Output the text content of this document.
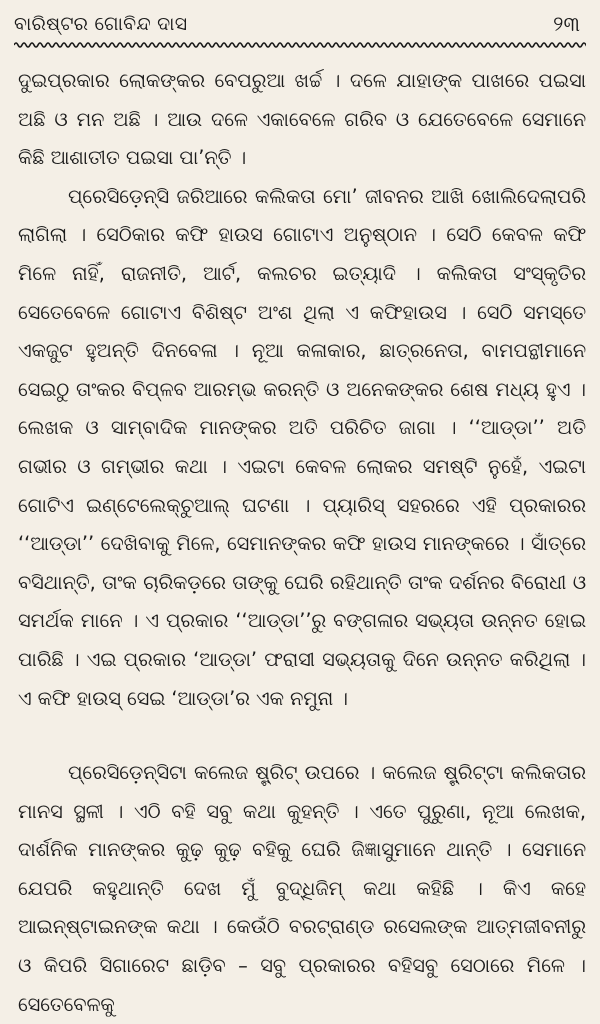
ବାରିଷ୍ଟର ଗୋବିନ୍ଦ ଦାସ	୨୩

ଦୁଇପ୍ରକାର ଲୋକଙ୍କର ବେପରୁଆ ଖର୍ଚ୍ଚ । ଦଳେ ଯାହାଙ୍କ ପାଖରେ ପଇସା ଅଛି ଓ ମନ ଅଛି । ଆଉ ଦଳେ ଏକାବେଳେ ଗରିବ ଓ ଯେତେବେଳେ ସେମାନେ କିଛି ଆଶାତୀତ ପଇସା ପା’ନ୍ତି ।

ପ୍ରେସିଡ଼େନ୍ସି ଜରିଆରେ କଲିକତା ମୋ’ ଜୀବନର ଆଖି ଖୋଲିଦେଲାପରି ଲାଗିଲା । ସେଠିକାର କଫି ହାଉସ ଗୋଟାଏ ଅନୁଷ୍ଠାନ । ସେଠି କେବଳ କଫି ମିଳେ ନାହିଁ, ରାଜନୀତି, ଆର୍ଟ, କଲଚର ଇତ୍ୟାଦି । କଲିକତା ସଂସ୍କୃତିର ସେତେବେଳେ ଗୋଟାଏ ବିଶିଷ୍ଟ ଅଂଶ ଥିଲା ଏ କଫିହାଉସ । ସେଠି ସମସ୍ତେ ଏକଜୁଟ ହୁଅନ୍ତି ଦିନବେଳା । ନୂଆ କଳାକାର, ଛାତ୍ରନେତା, ବାମପନ୍ଥୀମାନେ ସେଇଠୁ ତାଂକର ବିପ୍ଳବ ଆରମ୍ଭ କରନ୍ତି ଓ ଅନେକଙ୍କର ଶେଷ ମଧ୍ୟ ହୁଏ । ଲେଖକ ଓ ସାମ୍ବାଦିକ ମାନଙ୍କର ଅତି ପରିଚିତ ଜାଗା । ‘‘ଆଡ୍ଡା’’ ଅତି ଗଭୀର ଓ ଗମ୍ଭୀର କଥା । ଏଇଟା କେବଳ ଲୋକର ସମଷ୍ଟି ନୁହେଁ, ଏଇଟା ଗୋଟିଏ ଇଣ୍ଟେଲେକ୍ଚୁଆଲ୍ ଘଟଣା । ପ୍ୟାରିସ୍ ସହରରେ ଏହି ପ୍ରକାରର ‘‘ଆଡ୍ଡା’’ ଦେଖିବାକୁ ମିଳେ, ସେମାନଙ୍କର କଫି ହାଉସ ମାନଙ୍କରେ । ସାଁତ୍ରେ ବସିଥାନ୍ତି, ତାଂକ ଚାରିକଡ଼ରେ ତାଙ୍କୁ ଘେରି ରହିଥାନ୍ତି ତାଂକ ଦର୍ଶନର ବିରୋଧୀ ଓ ସମର୍ଥକ ମାନେ । ଏ ପ୍ରକାର ‘‘ଆଡ୍ଡା’’ରୁ ବଙ୍ଗଳାର ସଭ୍ୟତା ଉନ୍ନତ ହୋଇ ପାରିଛି । ଏଇ ପ୍ରକାର ‘ଆଡ୍ଡା’ ଫରାସୀ ସଭ୍ୟତାକୁ ଦିନେ ଉନ୍ନତ କରିଥିଲା । ଏ କଫି ହାଉସ୍ ସେଇ ‘ଆଡ୍ଡା’ର ଏକ ନମୁନା ।

ପ୍ରେସିଡ଼େନ୍ସିଟା କଲେଜ ଷ୍ଟ୍ରିଟ୍ ଉପରେ । କଲେଜ ଷ୍ଟ୍ରିଟ୍ଟା କଲିକତାର ମାନସ ସ୍ଥଳୀ । ଏଠି ବହି ସବୁ କଥା କୁହନ୍ତି । ଏତେ ପୁରୁଣା, ନୂଆ ଲେଖକ, ଦାର୍ଶନିକ ମାନଙ୍କର କୁଢ଼ କୁଢ଼ ବହିକୁ ଘେରି ଜିଜ୍ଞାସୁମାନେ ଥାନ୍ତି । ସେମାନେ ଯେପରି କହୁଥାନ୍ତି ଦେଖ ମୁଁ ବୁଦ୍ଧିଜିମ୍ କଥା କହିଛି । କିଏ କହେ ଆଇନ୍‌ଷ୍ଟାଇନଙ୍କ କଥା । କେଉଁଠି ବରଟ୍ରାଣ୍ଡ ରସେଲଙ୍କ ଆତ୍ମଜୀବନୀରୁ ଓ କିପରି ସିଗାରେଟ ଛାଡ଼ିବ – ସବୁ ପ୍ରକାରର ବହିସବୁ ସେଠାରେ ମିଳେ । ସେତେବେଳକୁ
